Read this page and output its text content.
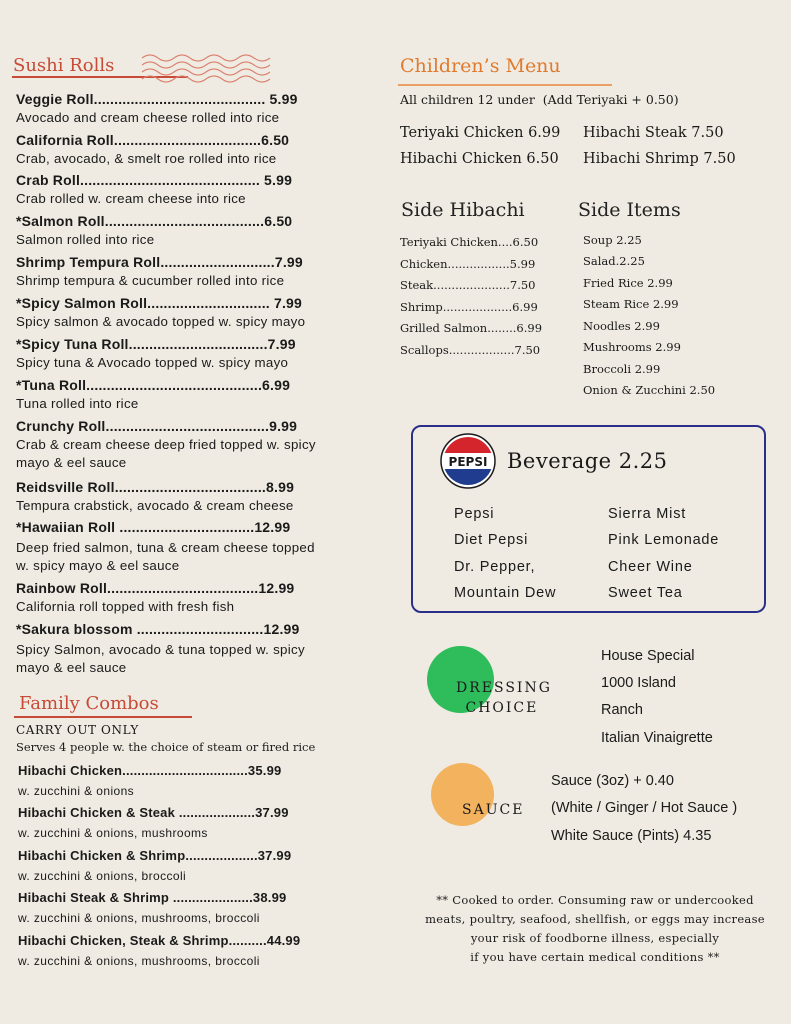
Sushi Rolls
Veggie Roll.......................................... 5.99
Avocado and cream cheese rolled into rice
California Roll....................................6.50
Crab, avocado, & smelt roe rolled into rice
Crab Roll............................................ 5.99
Crab rolled w. cream cheese into rice
*Salmon Roll.......................................6.50
Salmon rolled into rice
Shrimp Tempura Roll............................7.99
Shrimp tempura & cucumber rolled into rice
*Spicy Salmon Roll.............................. 7.99
Spicy salmon & avocado topped w. spicy mayo
*Spicy Tuna Roll..................................7.99
Spicy tuna & Avocado topped w. spicy mayo
*Tuna Roll...........................................6.99
Tuna rolled into rice
Crunchy Roll........................................9.99
Crab & cream cheese deep fried topped w. spicy
mayo & eel sauce
Reidsville Roll.....................................8.99
Tempura crabstick, avocado & cream cheese
*Hawaiian Roll .................................12.99
Deep fried salmon, tuna & cream cheese topped
w. spicy mayo & eel sauce
Rainbow Roll.....................................12.99
California roll topped with fresh fish
*Sakura blossom ...............................12.99
Spicy Salmon, avocado & tuna topped w. spicy
mayo & eel sauce
Family Combos
CARRY OUT ONLY
Serves 4 people w. the choice of steam or fired rice
Hibachi Chicken.................................35.99
w. zucchini & onions
Hibachi Chicken & Steak ....................37.99
w. zucchini & onions, mushrooms
Hibachi Chicken & Shrimp...................37.99
w. zucchini & onions, broccoli
Hibachi Steak & Shrimp .....................38.99
w. zucchini & onions, mushrooms, broccoli
Hibachi Chicken, Steak & Shrimp..........44.99
w. zucchini & onions, mushrooms, broccoli
Children’s Menu
All children 12 under  (Add Teriyaki + 0.50)
Teriyaki Chicken 6.99 Hibachi Steak 7.50
Hibachi Chicken 6.50 Hibachi Shrimp 7.50
Side Hibachi
Teriyaki Chicken....6.50
Chicken.................5.99
Steak.....................7.50
Shrimp...................6.99
Grilled Salmon........6.99
Scallops..................7.50
Side Items
Soup 2.25
Salad.2.25
Fried Rice 2.99
Steam Rice 2.99
Noodles 2.99
Mushrooms 2.99
Broccoli 2.99
Onion & Zucchini 2.50
PEPSI Beverage 2.25
Pepsi
Diet Pepsi
Dr. Pepper,
Mountain Dew
Sierra Mist
Pink Lemonade
Cheer Wine
Sweet Tea
DRESSING
CHOICE
House Special
1000 Island
Ranch
Italian Vinaigrette
SAUCE
Sauce (3oz) + 0.40
(White / Ginger / Hot Sauce )
White Sauce (Pints) 4.35
** Cooked to order. Consuming raw or undercooked
meats, poultry, seafood, shellfish, or eggs may increase
your risk of foodborne illness, especially
if you have certain medical conditions **
